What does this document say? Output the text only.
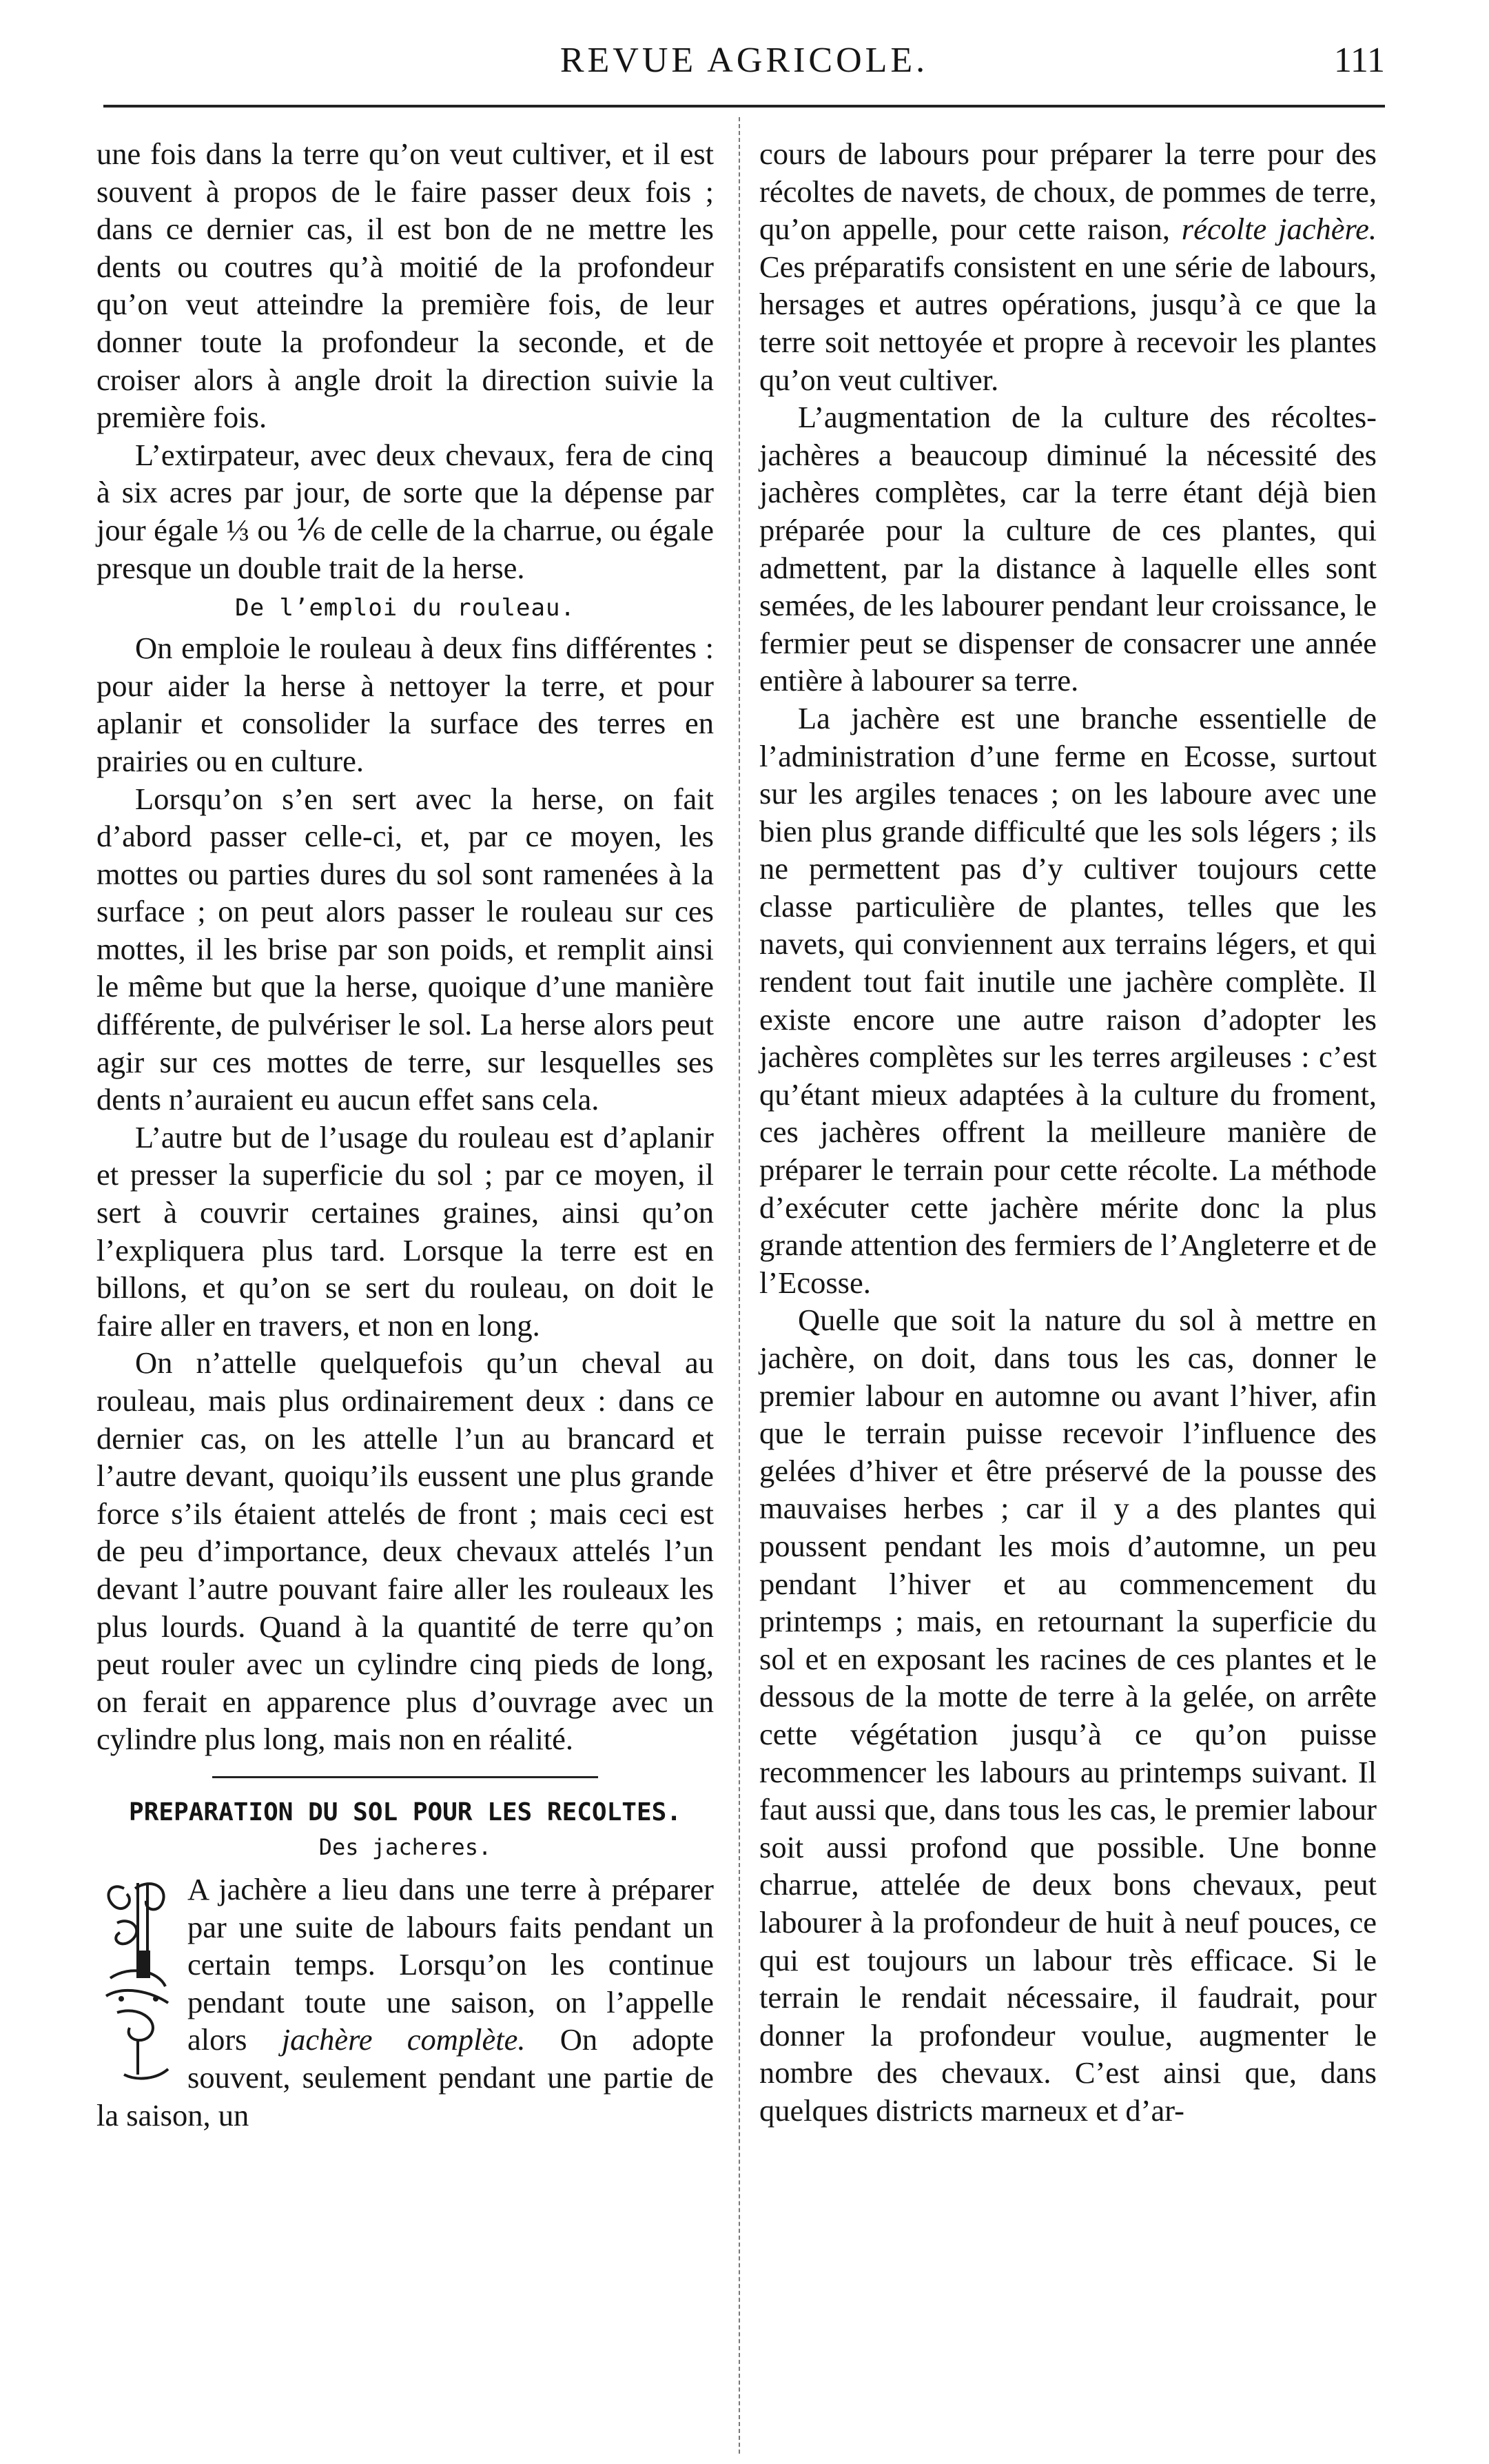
REVUE AGRICOLE.	111

une fois dans la terre qu’on veut cultiver, et il est souvent à propos de le faire passer deux fois ; dans ce dernier cas, il est bon de ne mettre les dents ou coutres qu’à moitié de la profondeur qu’on veut atteindre la première fois, de leur donner toute la profondeur la seconde, et de croiser alors à angle droit la direction suivie la première fois.

L’extirpateur, avec deux chevaux, fera de cinq à six acres par jour, de sorte que la dépense par jour égale ⅓ ou ⅙ de celle de la charrue, ou égale presque un double trait de la herse.

De l’emploi du rouleau.

On emploie le rouleau à deux fins différentes : pour aider la herse à nettoyer la terre, et pour aplanir et consolider la surface des terres en prairies ou en culture.

Lorsqu’on s’en sert avec la herse, on fait d’abord passer celle-ci, et, par ce moyen, les mottes ou parties dures du sol sont ramenées à la surface ; on peut alors passer le rouleau sur ces mottes, il les brise par son poids, et remplit ainsi le même but que la herse, quoique d’une manière différente, de pulvériser le sol. La herse alors peut agir sur ces mottes de terre, sur lesquelles ses dents n’auraient eu aucun effet sans cela.

L’autre but de l’usage du rouleau est d’aplanir et presser la superficie du sol ; par ce moyen, il sert à couvrir certaines graines, ainsi qu’on l’expliquera plus tard. Lorsque la terre est en billons, et qu’on se sert du rouleau, on doit le faire aller en travers, et non en long.

On n’attelle quelquefois qu’un cheval au rouleau, mais plus ordinairement deux : dans ce dernier cas, on les attelle l’un au brancard et l’autre devant, quoiqu’ils eussent une plus grande force s’ils étaient attelés de front ; mais ceci est de peu d’importance, deux chevaux attelés l’un devant l’autre pouvant faire aller les rouleaux les plus lourds. Quand à la quantité de terre qu’on peut rouler avec un cylindre cinq pieds de long, on ferait en apparence plus d’ouvrage avec un cylindre plus long, mais non en réalité.

PREPARATION DU SOL POUR LES RECOLTES.
Des jacheres.

A jachère a lieu dans une terre à préparer par une suite de labours faits pendant un certain temps. Lorsqu’on les continue pendant toute une saison, on l’appelle alors jachère complète. On adopte souvent, seulement pendant une partie de la saison, un

cours de labours pour préparer la terre pour des récoltes de navets, de choux, de pommes de terre, qu’on appelle, pour cette raison, récolte jachère. Ces préparatifs consistent en une série de labours, hersages et autres opérations, jusqu’à ce que la terre soit nettoyée et propre à recevoir les plantes qu’on veut cultiver.

L’augmentation de la culture des récoltes-jachères a beaucoup diminué la nécessité des jachères complètes, car la terre étant déjà bien préparée pour la culture de ces plantes, qui admettent, par la distance à laquelle elles sont semées, de les labourer pendant leur croissance, le fermier peut se dispenser de consacrer une année entière à labourer sa terre.

La jachère est une branche essentielle de l’administration d’une ferme en Ecosse, surtout sur les argiles tenaces ; on les laboure avec une bien plus grande difficulté que les sols légers ; ils ne permettent pas d’y cultiver toujours cette classe particulière de plantes, telles que les navets, qui conviennent aux terrains légers, et qui rendent tout fait inutile une jachère complète. Il existe encore une autre raison d’adopter les jachères complètes sur les terres argileuses : c’est qu’étant mieux adaptées à la culture du froment, ces jachères offrent la meilleure manière de préparer le terrain pour cette récolte. La méthode d’exécuter cette jachère mérite donc la plus grande attention des fermiers de l’Angleterre et de l’Ecosse.

Quelle que soit la nature du sol à mettre en jachère, on doit, dans tous les cas, donner le premier labour en automne ou avant l’hiver, afin que le terrain puisse recevoir l’influence des gelées d’hiver et être préservé de la pousse des mauvaises herbes ; car il y a des plantes qui poussent pendant les mois d’automne, un peu pendant l’hiver et au commencement du printemps ; mais, en retournant la superficie du sol et en exposant les racines de ces plantes et le dessous de la motte de terre à la gelée, on arrête cette végétation jusqu’à ce qu’on puisse recommencer les labours au printemps suivant. Il faut aussi que, dans tous les cas, le premier labour soit aussi profond que possible. Une bonne charrue, attelée de deux bons chevaux, peut labourer à la profondeur de huit à neuf pouces, ce qui est toujours un labour très efficace. Si le terrain le rendait nécessaire, il faudrait, pour donner la profondeur voulue, augmenter le nombre des chevaux. C’est ainsi que, dans quelques districts marneux et d’ar-
